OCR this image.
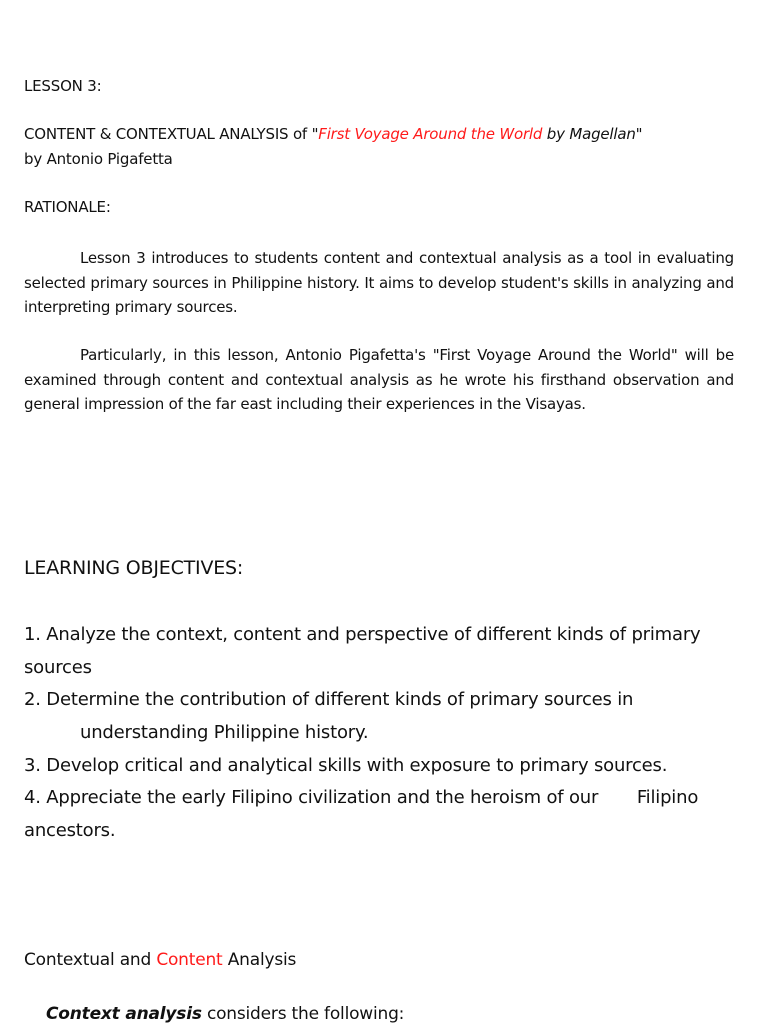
LESSON 3:
CONTENT & CONTEXTUAL ANALYSIS of "First Voyage Around the World by Magellan"
by Antonio Pigafetta
RATIONALE:
Lesson 3 introduces to students content and contextual analysis as a tool in evaluating selected primary sources in Philippine history. It aims to develop student's skills in analyzing and interpreting primary sources.
Particularly, in this lesson, Antonio Pigafetta's "First Voyage Around the World" will be examined through content and contextual analysis as he wrote his firsthand observation and general impression of the far east including their experiences in the Visayas.
LEARNING OBJECTIVES:
1. Analyze the context, content and perspective of different kinds of primary
sources
2. Determine the contribution of different kinds of primary sources in
understanding Philippine history.
3. Develop critical and analytical skills with exposure to primary sources.
4. Appreciate the early Filipino civilization and the heroism of our       Filipino
ancestors.
Contextual and Content Analysis
Context analysis considers the following:
